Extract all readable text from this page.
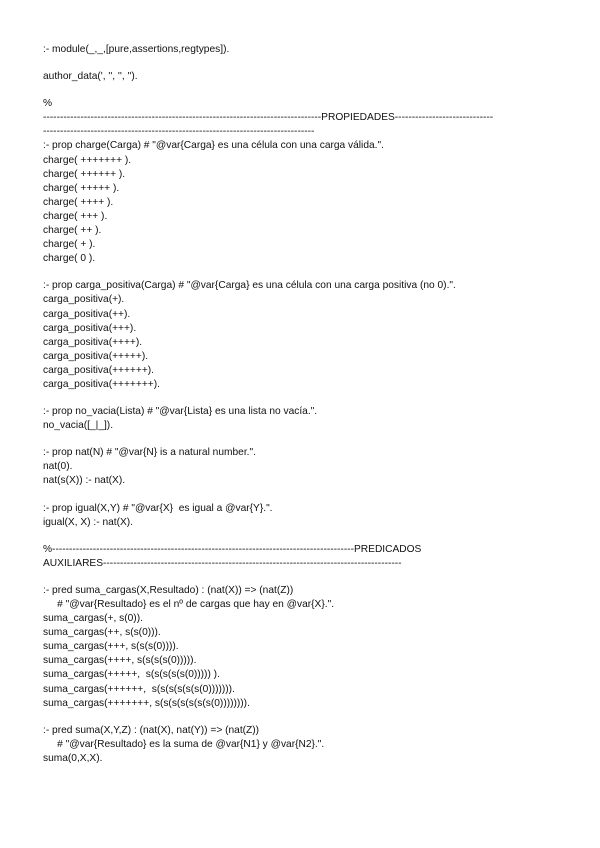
:- module(_,_,[pure,assertions,regtypes]).
author_data(', '', '', '').
%
----------------------------------------------------------------------------------PROPIEDADES-----------------------------
--------------------------------------------------------------------------------
:- prop charge(Carga) # "@var{Carga} es una célula con una carga válida.".
charge( +++++++ ).
charge( ++++++ ).
charge( +++++ ).
charge( ++++ ).
charge( +++ ).
charge( ++ ).
charge( + ).
charge( 0 ).
:- prop carga_positiva(Carga) # "@var{Carga} es una célula con una carga positiva (no 0).".
carga_positiva(+).
carga_positiva(++).
carga_positiva(+++).
carga_positiva(++++).
carga_positiva(+++++).
carga_positiva(++++++).
carga_positiva(+++++++).
:- prop no_vacia(Lista) # "@var{Lista} es una lista no vacía.".
no_vacia([_|_]).
:- prop nat(N) # "@var{N} is a natural number.".
nat(0).
nat(s(X)) :- nat(X).
:- prop igual(X,Y) # "@var{X}  es igual a @var{Y}.".
igual(X, X) :- nat(X).
%-----------------------------------------------------------------------------------------PREDICADOS
AUXILIARES----------------------------------------------------------------------------------------
:- pred suma_cargas(X,Resultado) : (nat(X)) => (nat(Z))
# "@var{Resultado} es el nº de cargas que hay en @var{X}.".
suma_cargas(+, s(0)).
suma_cargas(++, s(s(0))).
suma_cargas(+++, s(s(s(0)))).
suma_cargas(++++, s(s(s(s(0))))).
suma_cargas(+++++,  s(s(s(s(s(0))))) ).
suma_cargas(++++++,  s(s(s(s(s(s(0))))))).
suma_cargas(+++++++, s(s(s(s(s(s(s(0)))))))).
:- pred suma(X,Y,Z) : (nat(X), nat(Y)) => (nat(Z))
# "@var{Resultado} es la suma de @var{N1} y @var{N2}.".
suma(0,X,X).
